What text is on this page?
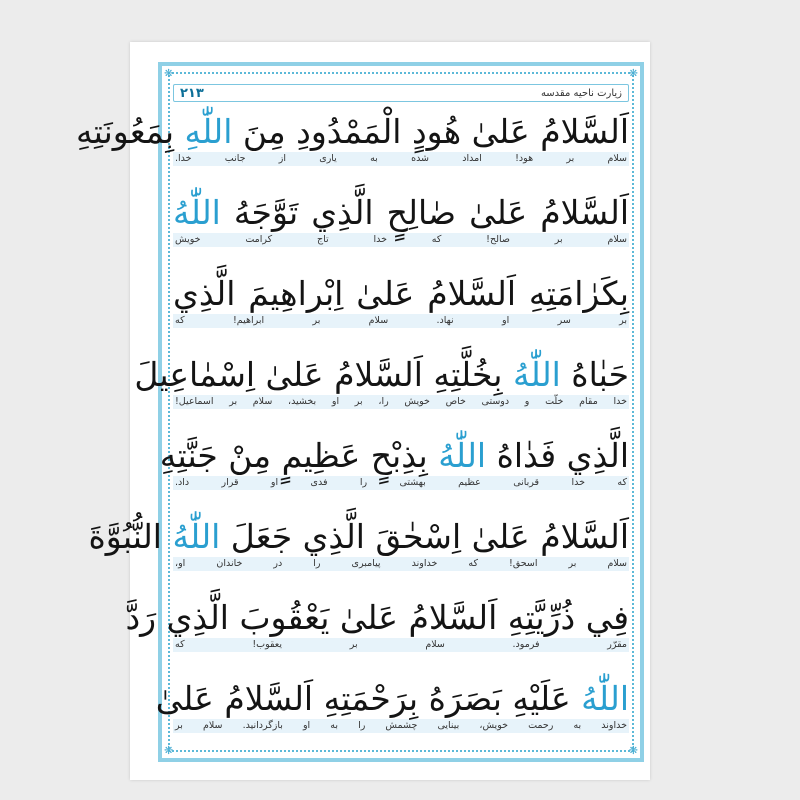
❋	❋
❋	❋
۲۱۳	زیارت ناحیه مقدسه
اَلسَّلامُ عَلىٰ هُودٍ الْمَمْدُودِ مِنَ اللّٰهِ بِمَعُونَتِهِ
سلام بر هود! امداد شده به یاری از جانب خدا.
اَلسَّلامُ عَلىٰ صٰالِحٍ الَّذِي تَوَّجَهُ اللّٰهُ
سلام بر صالح! که خدا تاج کرامت خویش
بِكَرٰامَتِهِ اَلسَّلامُ عَلىٰ اِبْراهِيمَ الَّذِي
بر سر او نهاد. سلام بر ابراهیم! که
حَبٰاهُ اللّٰهُ بِخُلَّتِهِ اَلسَّلامُ عَلىٰ اِسْمٰاعِيلَ
خدا مقام خلّت و دوستی خاص خویش را، بر او بخشید، سلام بر اسماعیل!
الَّذِي فَدٰاهُ اللّٰهُ بِذِبْحٍ عَظِيمٍ مِنْ جَنَّتِهِ
که خدا قربانی عظیم بهشتی را فدی او قرار داد.
اَلسَّلامُ عَلىٰ اِسْحٰقَ الَّذِي جَعَلَ اللّٰهُ النُّبُوَّةَ
سلام بر اسحق! که خداوند پیامبری را در خاندان او،
فِي ذُرِّيَّتِهِ اَلسَّلامُ عَلىٰ يَعْقُوبَ الَّذِي رَدَّ
مقرّر فرمود. سلام بر یعقوب! که
اللّٰهُ عَلَيْهِ بَصَرَهُ بِرَحْمَتِهِ اَلسَّلامُ عَلىٰ
خداوند به رحمت خویش، بینایی چشمش را به او بازگردانید. سلام بر
